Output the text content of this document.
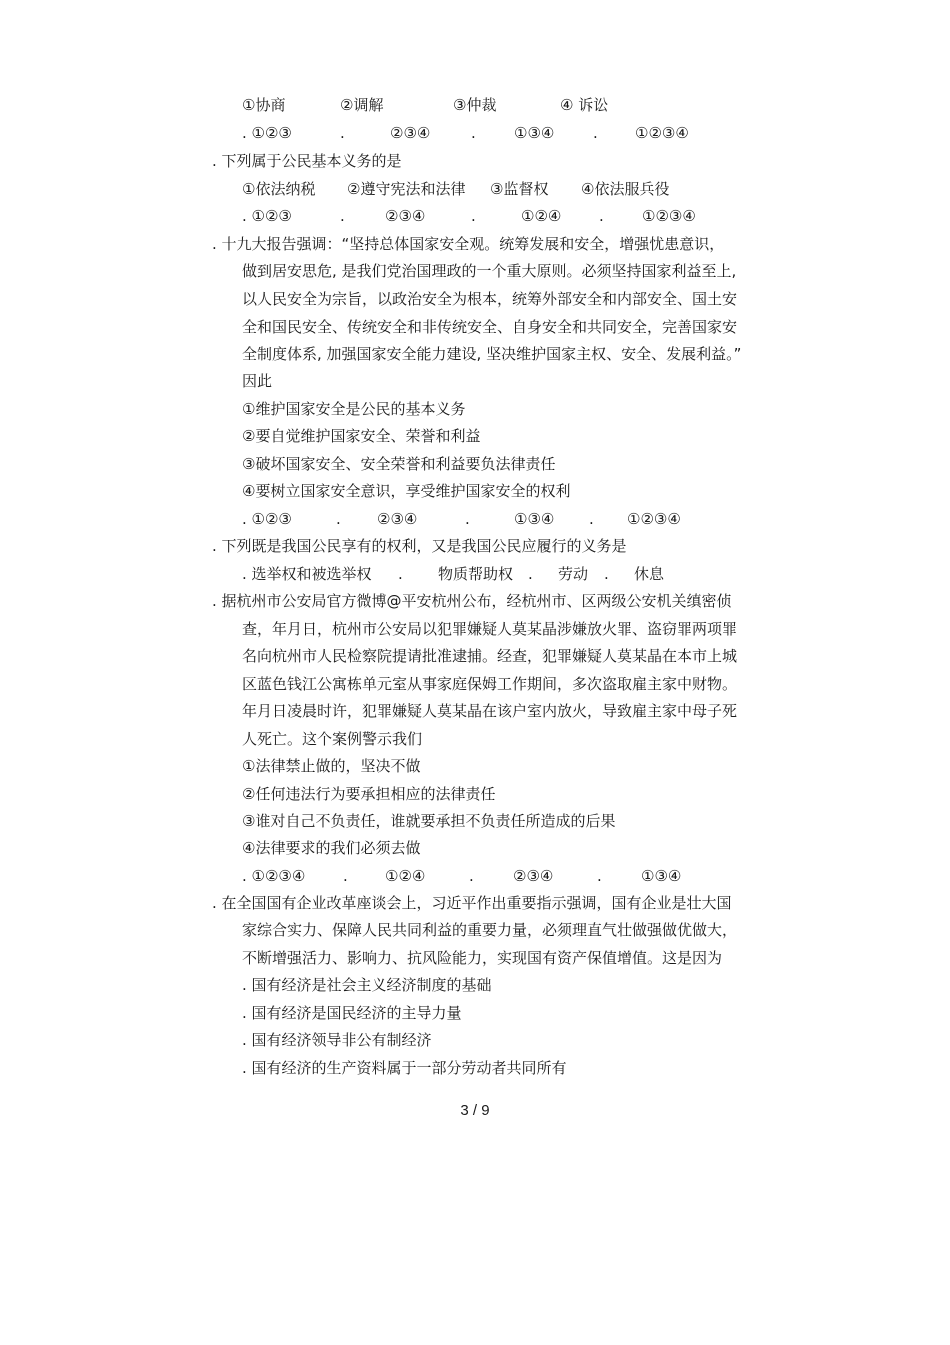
①协商	②调解	③仲裁	④ 诉讼
. ①②③	.	②③④	.	①③④	. ①②③④
. 下列属于公民基本义务的是
①依法纳税 ②遵守宪法和法律 ③监督权 ④依法服兵役
. ①②③	.	②③④	.	①②④	.	①②③④
. 十九大报告强调：“坚持总体国家安全观。统筹发展和安全，增强忧患意识，
做到居安思危, 是我们党治国理政的一个重大原则。必须坚持国家利益至上,
以人民安全为宗旨，以政治安全为根本，统筹外部安全和内部安全、国土安
全和国民安全、传统安全和非传统安全、自身安全和共同安全，完善国家安
全制度体系, 加强国家安全能力建设, 坚决维护国家主权、安全、发展利益。”
因此
①维护国家安全是公民的基本义务
②要自觉维护国家安全、荣誉和利益
③破坏国家安全、安全荣誉和利益要负法律责任
④要树立国家安全意识，享受维护国家安全的权利
. ①②③	. ②③④	.	①③④ . ①②③④
. 下列既是我国公民享有的权利，又是我国公民应履行的义务是
. 选举权和被选举权 . 物质帮助权 . 劳动 . 休息
. 据杭州市公安局官方微博@平安杭州公布，经杭州市、区两级公安机关缜密侦
查，年月日，杭州市公安局以犯罪嫌疑人莫某晶涉嫌放火罪、盗窃罪两项罪
名向杭州市人民检察院提请批准逮捕。经查，犯罪嫌疑人莫某晶在本市上城
区蓝色钱江公寓栋单元室从事家庭保姆工作期间，多次盗取雇主家中财物。
年月日凌晨时许，犯罪嫌疑人莫某晶在该户室内放火，导致雇主家中母子死
人死亡。这个案例警示我们
①法律禁止做的，坚决不做
②任何违法行为要承担相应的法律责任
③谁对自己不负责任，谁就要承担不负责任所造成的后果
④法律要求的我们必须去做
. ①②③④	. ①②④	.	②③④	.	①③④
. 在全国国有企业改革座谈会上，习近平作出重要指示强调，国有企业是壮大国
家综合实力、保障人民共同利益的重要力量，必须理直气壮做强做优做大，
不断增强活力、影响力、抗风险能力，实现国有资产保值增值。这是因为
. 国有经济是社会主义经济制度的基础
. 国有经济是国民经济的主导力量
. 国有经济领导非公有制经济
. 国有经济的生产资料属于一部分劳动者共同所有
3 / 9
